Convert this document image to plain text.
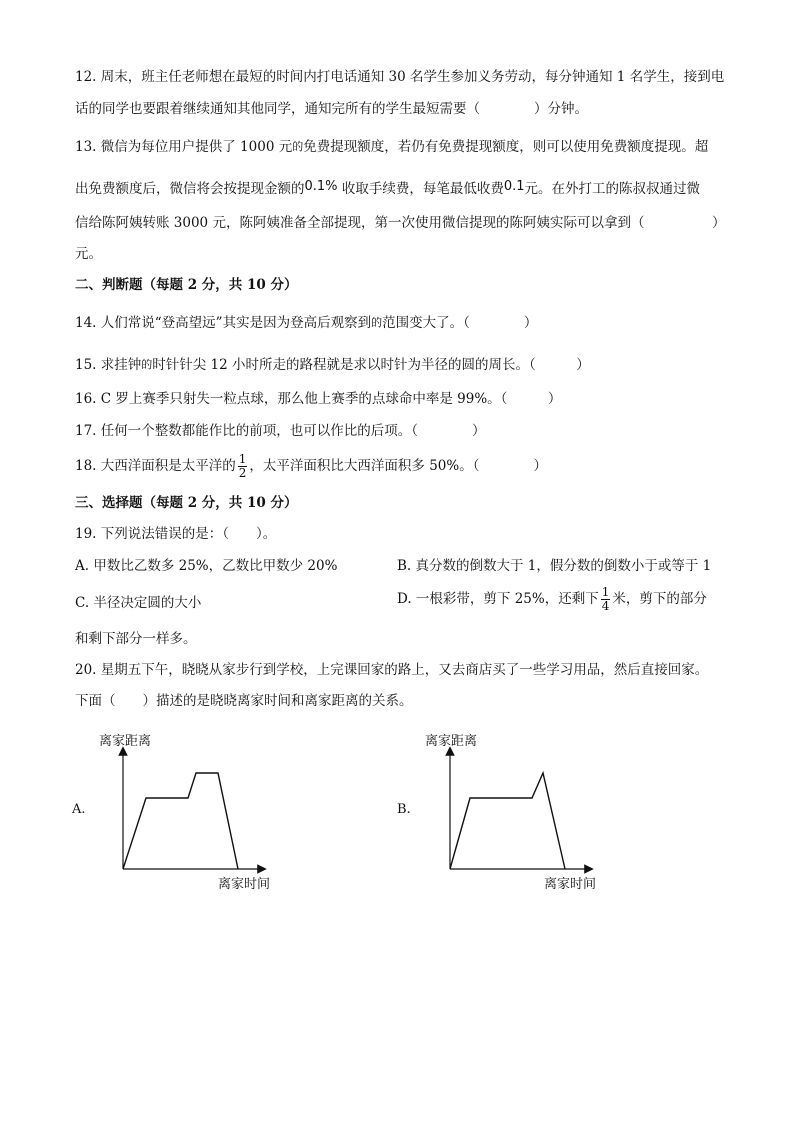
12. 周末，班主任老师想在最短的时间内打电话通知 30 名学生参加义务劳动，每分钟通知 1 名学生，接到电
话的同学也要跟着继续通知其他同学，通知完所有的学生最短需要（　　　　）分钟。
13. 微信为每位用户提供了 1000 元$^的$免费提现额度，若仍有免费提现额度，则可以使用免费额度提现。超
出免费额度后，微信将会按提现金额的0.1% 收取手续费，每笔最低收费0.1元。在外打工的陈叔叔通过微
信给陈阿姨转账 3000 元，陈阿姨准备全部提现，第一次使用微信提现的陈阿姨实际可以拿到（　　　　　）
元。
二、判断题（每题 2 分，共 10 分）
14. 人们常说“登高望远”其实是因为登高后观察到$^的$范围变大了。（　　　　）
15. 求挂钟$^的$时针针尖 12 小时所走的路程就是求以时针为半径的圆的周长。（　　　）
16. C 罗上赛季只射失一粒点球，那么他上赛季的点球命中率是 99%。（　　　）
17. 任何一个整数都能作比的前项，也可以作比的后项。（　　　　）
18. 大西洋面积是太平洋的 $\frac{1}{2}$ ，太平洋面积比大西洋面积多 50%。（　　　　）
三、选择题（每题 2 分，共 10 分）
19. 下列说法错误的是：（　　）。
A. 甲数比乙数多 25%，乙数比甲数少 20%	B. 真分数的倒数大于 1，假分数的倒数小于或等于 1
C. 半径决定圆的大小	D. 一根彩带，剪下 25%，还剩下 $\frac{1}{4}$ 米，剪下的部分
和剩下部分一样多。
20. 星期五下午，晓晓从家步行到学校，上完课回家的路上，又去商店买了一些学习用品，然后直接回家。
下面（　　）描述的是晓晓离家时间和离家距离的关系。
离家距离
A.
离家时间
离家距离
B.
离家时间
